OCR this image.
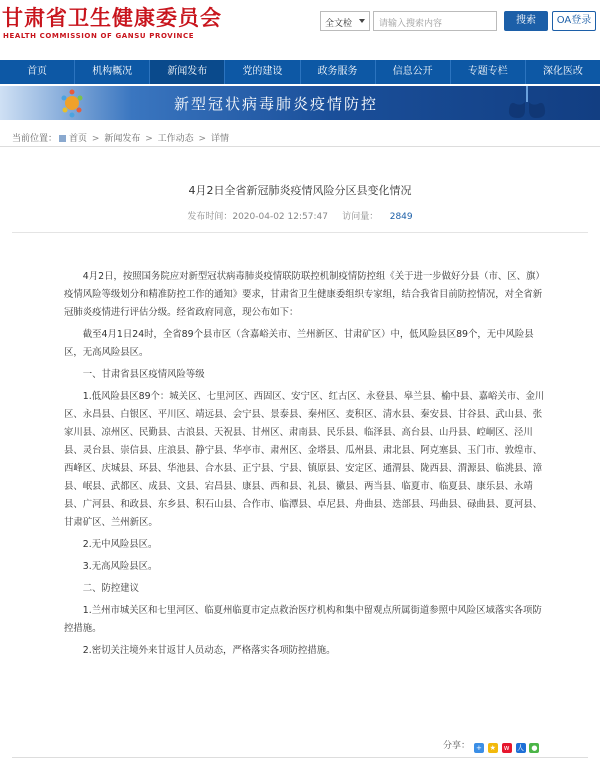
甘肃省卫生健康委员会
HEALTH COMMISSION OF GANSU PROVINCE
全文检	请输入搜索内容	搜索	OA登录
首页	机构概况	新闻发布	党的建设	政务服务	信息公开	专题专栏	深化医改
新型冠状病毒肺炎疫情防控
当前位置： 首页 > 新闻发布 > 工作动态 > 详情
4月2日全省新冠肺炎疫情风险分区县变化情况
发布时间：2020-04-02 12:57:47 访问量： 2849

4月2日，按照国务院应对新型冠状病毒肺炎疫情联防联控机制疫情防控组《关于进一步做好分县（市、区、旗）疫情风险等级划分和精准防控工作的通知》要求，甘肃省卫生健康委组织专家组，结合我省目前防控情况，对全省新冠肺炎疫情进行评估分级。经省政府同意，现公布如下：

截至4月1日24时，全省89个县市区（含嘉峪关市、兰州新区、甘肃矿区）中，低风险县区89个，无中风险县区，无高风险县区。

一、甘肃省县区疫情风险等级

1.低风险县区89个：城关区、七里河区、西固区、安宁区、红古区、永登县、皋兰县、榆中县、嘉峪关市、金川区、永昌县、白银区、平川区、靖远县、会宁县、景泰县、秦州区、麦积区、清水县、秦安县、甘谷县、武山县、张家川县、凉州区、民勤县、古浪县、天祝县、甘州区、肃南县、民乐县、临泽县、高台县、山丹县、崆峒区、泾川县、灵台县、崇信县、庄浪县、静宁县、华亭市、肃州区、金塔县、瓜州县、肃北县、阿克塞县、玉门市、敦煌市、西峰区、庆城县、环县、华池县、合水县、正宁县、宁县、镇原县、安定区、通渭县、陇西县、渭源县、临洮县、漳县、岷县、武都区、成县、文县、宕昌县、康县、西和县、礼县、徽县、两当县、临夏市、临夏县、康乐县、永靖县、广河县、和政县、东乡县、积石山县、合作市、临潭县、卓尼县、舟曲县、迭部县、玛曲县、碌曲县、夏河县、甘肃矿区、兰州新区。

2.无中风险县区。

3.无高风险县区。

二、防控建议

1.兰州市城关区和七里河区、临夏州临夏市定点救治医疗机构和集中留观点所属街道参照中风险区域落实各项防控措施。

2.密切关注境外来甘返甘人员动态，严格落实各项防控措施。

分享： + ★ w 人 ●
